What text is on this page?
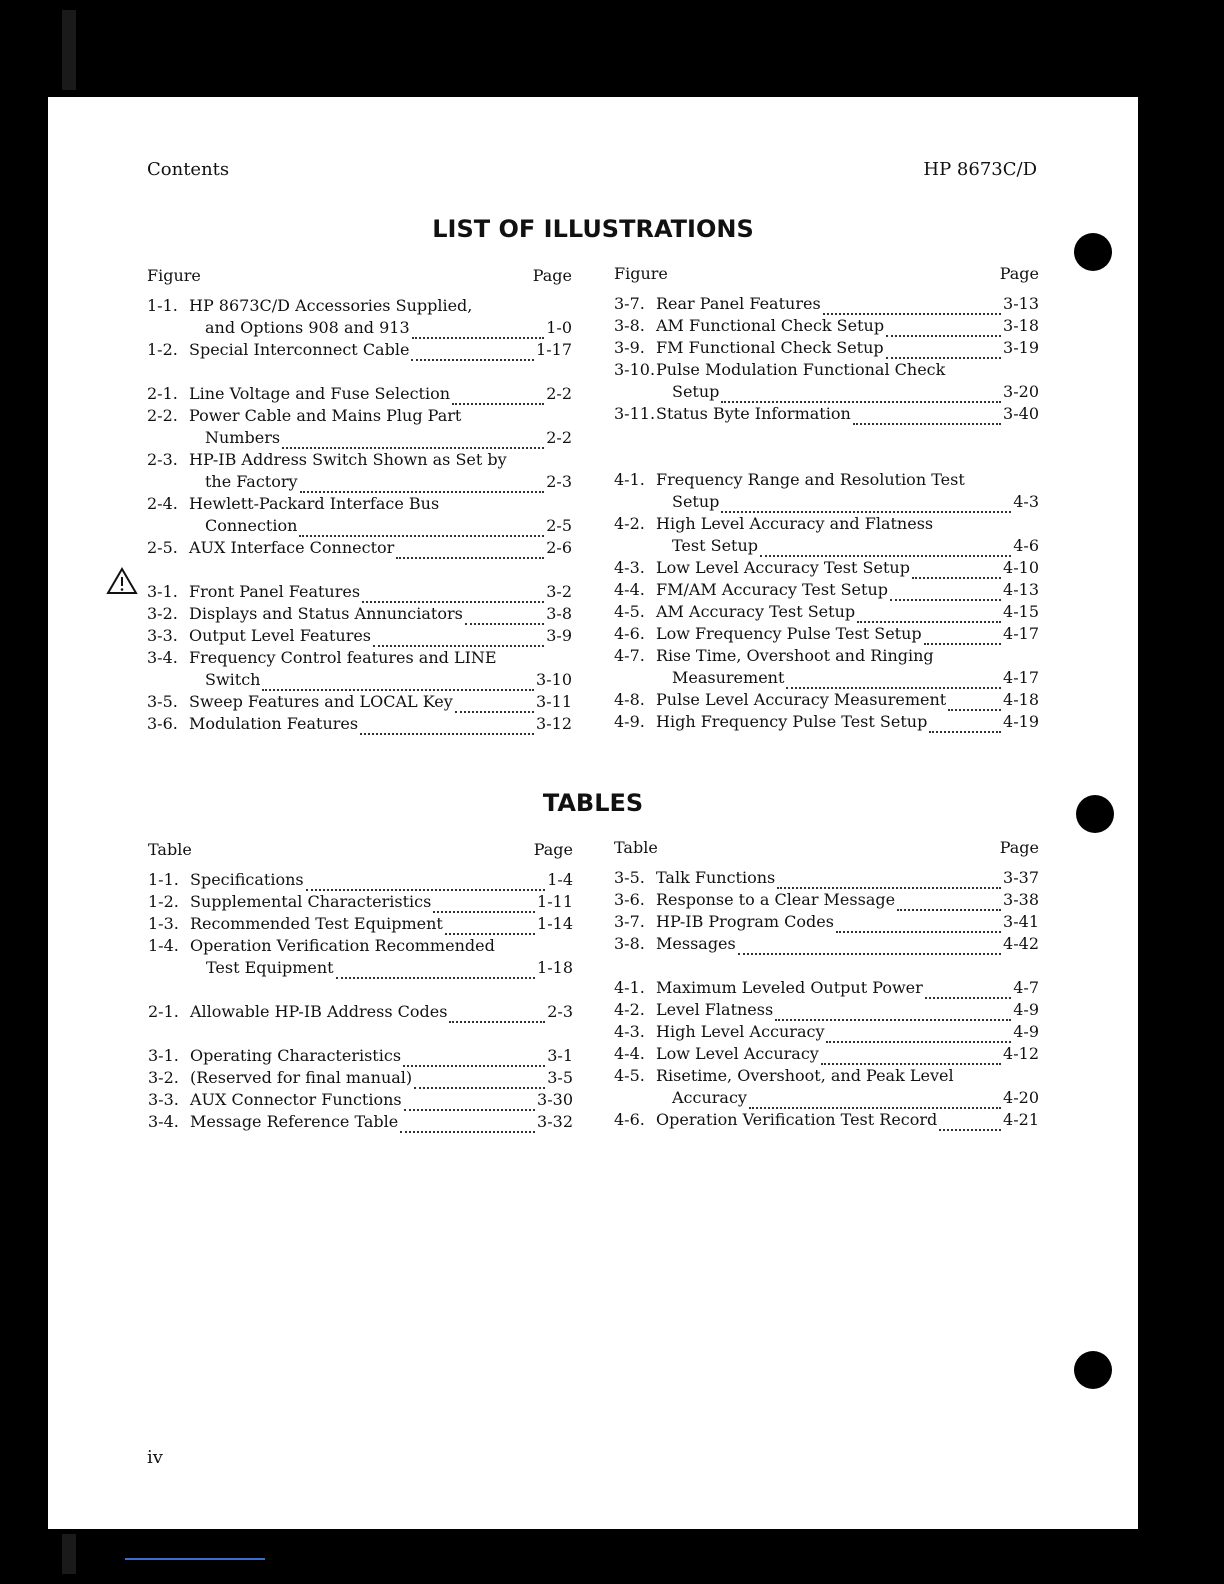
Contents	HP 8673C/D
LIST OF ILLUSTRATIONS
Figure	Page
1-1. HP 8673C/D Accessories Supplied,
and Options 908 and 913	1-0
1-2. Special Interconnect Cable	1-17
2-1. Line Voltage and Fuse Selection	2-2
2-2. Power Cable and Mains Plug Part
Numbers	2-2
2-3. HP-IB Address Switch Shown as Set by
the Factory	2-3
2-4. Hewlett-Packard Interface Bus
Connection	2-5
2-5. AUX Interface Connector	2-6
3-1. Front Panel Features	3-2
3-2. Displays and Status Annunciators	3-8
3-3. Output Level Features	3-9
3-4. Frequency Control features and LINE
Switch	3-10
3-5. Sweep Features and LOCAL Key	3-11
3-6. Modulation Features	3-12
Figure	Page
3-7. Rear Panel Features	3-13
3-8. AM Functional Check Setup	3-18
3-9. FM Functional Check Setup	3-19
3-10. Pulse Modulation Functional Check
Setup	3-20
3-11. Status Byte Information	3-40
4-1. Frequency Range and Resolution Test
Setup	4-3
4-2. High Level Accuracy and Flatness
Test Setup	4-6
4-3. Low Level Accuracy Test Setup	4-10
4-4. FM/AM Accuracy Test Setup	4-13
4-5. AM Accuracy Test Setup	4-15
4-6. Low Frequency Pulse Test Setup	4-17
4-7. Rise Time, Overshoot and Ringing
Measurement	4-17
4-8. Pulse Level Accuracy Measurement	4-18
4-9. High Frequency Pulse Test Setup	4-19
TABLES
Table	Page
1-1. Specifications	1-4
1-2. Supplemental Characteristics	1-11
1-3. Recommended Test Equipment	1-14
1-4. Operation Verification Recommended
Test Equipment	1-18
2-1. Allowable HP-IB Address Codes	2-3
3-1. Operating Characteristics	3-1
3-2. (Reserved for final manual)	3-5
3-3. AUX Connector Functions	3-30
3-4. Message Reference Table	3-32
Table	Page
3-5. Talk Functions	3-37
3-6. Response to a Clear Message	3-38
3-7. HP-IB Program Codes	3-41
3-8. Messages	4-42
4-1. Maximum Leveled Output Power	4-7
4-2. Level Flatness	4-9
4-3. High Level Accuracy	4-9
4-4. Low Level Accuracy	4-12
4-5. Risetime, Overshoot, and Peak Level
Accuracy	4-20
4-6. Operation Verification Test Record	4-21
iv
